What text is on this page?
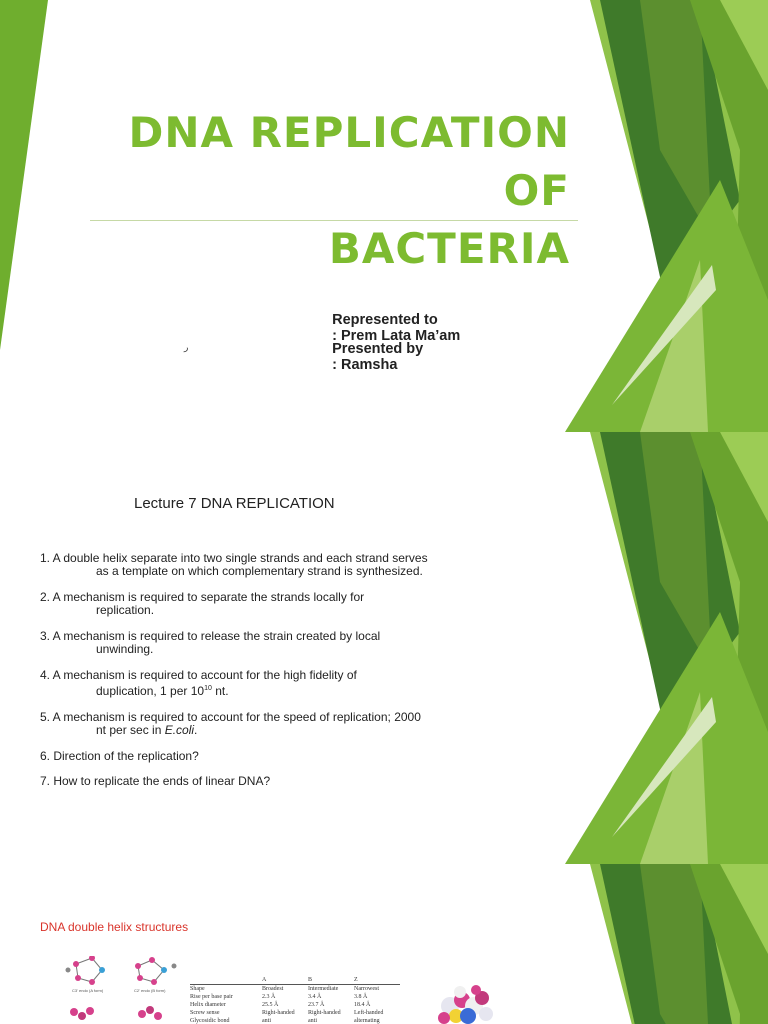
DNA REPLICATION OF
BACTERIA

Represented to
: Prem Lata Ma’am

Presented by
: Ramsha

ر
Lecture 7 DNA REPLICATION
1. A double helix separate into two single strands and each strand serves
as a template on which complementary strand is synthesized.
2. A mechanism is required to separate the strands locally for
replication.
3. A mechanism is required to release the strain created by local
unwinding.
4. A mechanism is required to account for the high fidelity of
duplication, 1 per $10^{10}$ nt.
5. A mechanism is required to account for the speed of replication; 2000
nt per sec in E.coli.
6. Direction of the replication?
7. How to replicate the ends of linear DNA?
DNA double helix structures
C3' endo (A form)	C2' endo (B form)
	A	B	Z
Shape	Broadest	Intermediate	Narrowest
Rise per base pair	2.3 Å	3.4 Å	3.8 Å
Helix diameter	25.5 Å	23.7 Å	18.4 Å
Screw sense	Right-handed	Right-handed	Left-handed
Glycosidic bond	anti	anti	alternating
